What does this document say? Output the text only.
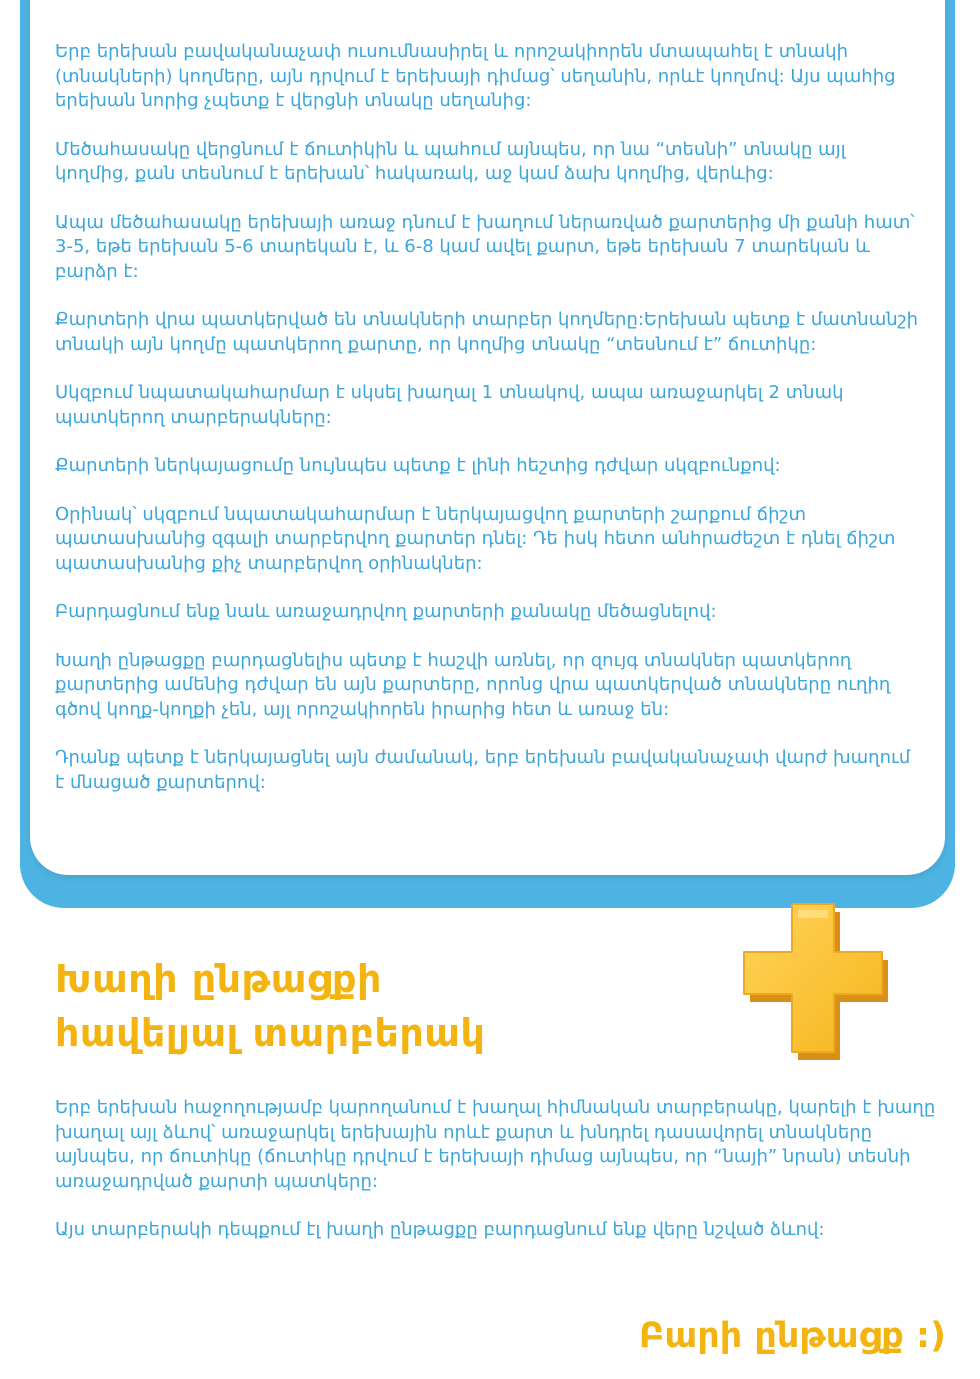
Երբ երեխան բավականաչափ ուսումնասիրել և որոշակիորեն մտապահել է տնակի (տնակների) կողմերը, այն դրվում է երեխայի դիմաց՝ սեղանին, որևէ կողմով: Այս պահից երեխան նորից չպետք է վերցնի տնակը սեղանից:

Մեծահասակը վերցնում է ճուտիկին և պահում այնպես, որ նա “տեսնի” տնակը այլ կողմից, քան տեսնում է երեխան՝ հակառակ, աջ կամ ձախ կողմից, վերևից:

Ապա մեծահասակը երեխայի առաջ դնում է խաղում ներառված քարտերից մի քանի հատ՝ 3-5, եթե երեխան 5-6 տարեկան է, և 6-8 կամ ավել քարտ, եթե երեխան 7 տարեկան և բարձր է:

Քարտերի վրա պատկերված են տնակների տարբեր կողմերը:Երեխան պետք է մատնանշի տնակի այն կողմը պատկերող քարտը, որ կողմից տնակը “տեսնում է” ճուտիկը:

Սկզբում նպատակահարմար է սկսել խաղալ 1 տնակով, ապա առաջարկել 2 տնակ պատկերող տարբերակները:

Քարտերի ներկայացումը նույնպես պետք է լինի հեշտից դժվար սկզբունքով:

Օրինակ՝ սկզբում նպատակահարմար է ներկայացվող քարտերի շարքում ճիշտ պատասխանից զգալի տարբերվող քարտեր դնել: Դե իսկ հետո անհրաժեշտ է դնել ճիշտ պատասխանից քիչ տարբերվող օրինակներ:

Բարդացնում ենք նաև առաջադրվող քարտերի քանակը մեծացնելով:

Խաղի ընթացքը բարդացնելիս պետք է հաշվի առնել, որ զույգ տնակներ պատկերող քարտերից ամենից դժվար են այն քարտերը, որոնց վրա պատկերված տնակները ուղիղ գծով կողք-կողքի չեն, այլ որոշակիորեն իրարից հետ և առաջ են:

Դրանք պետք է ներկայացնել այն ժամանակ, երբ երեխան բավականաչափ վարժ խաղում է մնացած քարտերով:

Խաղի ընթացքի
հավելյալ տարբերակ

Երբ երեխան հաջողությամբ կարողանում է խաղալ հիմնական տարբերակը, կարելի է խաղը խաղալ այլ ձևով՝ առաջարկել երեխային որևէ քարտ և խնդրել դասավորել տնակները այնպես, որ ճուտիկը (ճուտիկը դրվում է երեխայի դիմաց այնպես, որ “նայի” նրան) տեսնի առաջադրված քարտի պատկերը:

Այս տարբերակի դեպքում էլ խաղի ընթացքը բարդացնում ենք վերը նշված ձևով:

Բարի ընթացք :)
